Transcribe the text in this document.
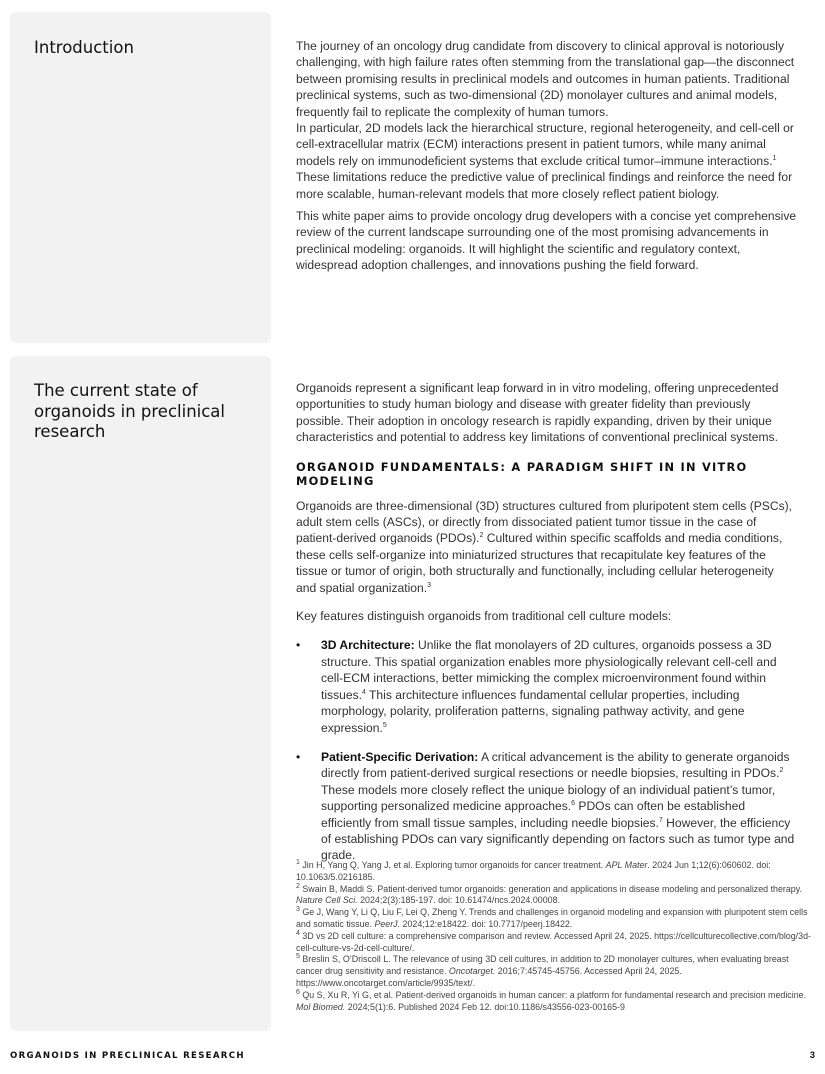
Introduction	The journey of an oncology drug candidate from discovery to clinical approval is notoriously challenging, with high failure rates often stemming from the translational gap—the disconnect between promising results in preclinical models and outcomes in human patients. Traditional preclinical systems, such as two-dimensional (2D) monolayer cultures and animal models, frequently fail to replicate the complexity of human tumors.
In particular, 2D models lack the hierarchical structure, regional heterogeneity, and cell-cell or cell-extracellular matrix (ECM) interactions present in patient tumors, while many animal models rely on immunodeficient systems that exclude critical tumor–immune interactions.$^1$
These limitations reduce the predictive value of preclinical findings and reinforce the need for more scalable, human-relevant models that more closely reflect patient biology.

This white paper aims to provide oncology drug developers with a concise yet comprehensive review of the current landscape surrounding one of the most promising advancements in preclinical modeling: organoids. It will highlight the scientific and regulatory context, widespread adoption challenges, and innovations pushing the field forward.

The current state of organoids in preclinical research

Organoids represent a significant leap forward in in vitro modeling, offering unprecedented opportunities to study human biology and disease with greater fidelity than previously possible. Their adoption in oncology research is rapidly expanding, driven by their unique characteristics and potential to address key limitations of conventional preclinical systems.

ORGANOID FUNDAMENTALS: A PARADIGM SHIFT IN IN VITRO MODELING

Organoids are three-dimensional (3D) structures cultured from pluripotent stem cells (PSCs), adult stem cells (ASCs), or directly from dissociated patient tumor tissue in the case of patient-derived organoids (PDOs).$^2$ Cultured within specific scaffolds and media conditions, these cells self-organize into miniaturized structures that recapitulate key features of the tissue or tumor of origin, both structurally and functionally, including cellular heterogeneity and spatial organization.$^3$

Key features distinguish organoids from traditional cell culture models:

• 3D Architecture: Unlike the flat monolayers of 2D cultures, organoids possess a 3D structure. This spatial organization enables more physiologically relevant cell-cell and cell-ECM interactions, better mimicking the complex microenvironment found within tissues.$^4$ This architecture influences fundamental cellular properties, including morphology, polarity, proliferation patterns, signaling pathway activity, and gene expression.$^5$
• Patient-Specific Derivation: A critical advancement is the ability to generate organoids directly from patient-derived surgical resections or needle biopsies, resulting in PDOs.$^2$ These models more closely reflect the unique biology of an individual patient’s tumor, supporting personalized medicine approaches.$^6$ PDOs can often be established efficiently from small tissue samples, including needle biopsies.$^7$ However, the efficiency of establishing PDOs can vary significantly depending on factors such as tumor type and grade.

$^1$ Jin H, Yang Q, Yang J, et al. Exploring tumor organoids for cancer treatment. APL Mater. 2024 Jun 1;12(6):060602. doi: 10.1063/5.0216185.

$^2$ Swain B, Maddi S. Patient-derived tumor organoids: generation and applications in disease modeling and personalized therapy. Nature Cell Sci. 2024;2(3):185-197. doi: 10.61474/ncs.2024.00008.

$^3$ Ge J, Wang Y, Li Q, Liu F, Lei Q, Zheng Y. Trends and challenges in organoid modeling and expansion with pluripotent stem cells and somatic tissue. PeerJ. 2024;12:e18422. doi: 10.7717/peerj.18422.

$^4$ 3D vs 2D cell culture: a comprehensive comparison and review. Accessed April 24, 2025. https://cellculturecollective.com/blog/3d-cell-culture-vs-2d-cell-culture/.

$^5$ Breslin S, O’Driscoll L. The relevance of using 3D cell cultures, in addition to 2D monolayer cultures, when evaluating breast cancer drug sensitivity and resistance. Oncotarget. 2016;7:45745-45756. Accessed April 24, 2025. https://www.oncotarget.com/article/9935/text/.

$^6$ Qu S, Xu R, Yi G, et al. Patient-derived organoids in human cancer: a platform for fundamental research and precision medicine. Mol Biomed. 2024;5(1):6. Published 2024 Feb 12. doi:10.1186/s43556-023-00165-9

ORGANOIDS IN PRECLINICAL RESEARCH	3
